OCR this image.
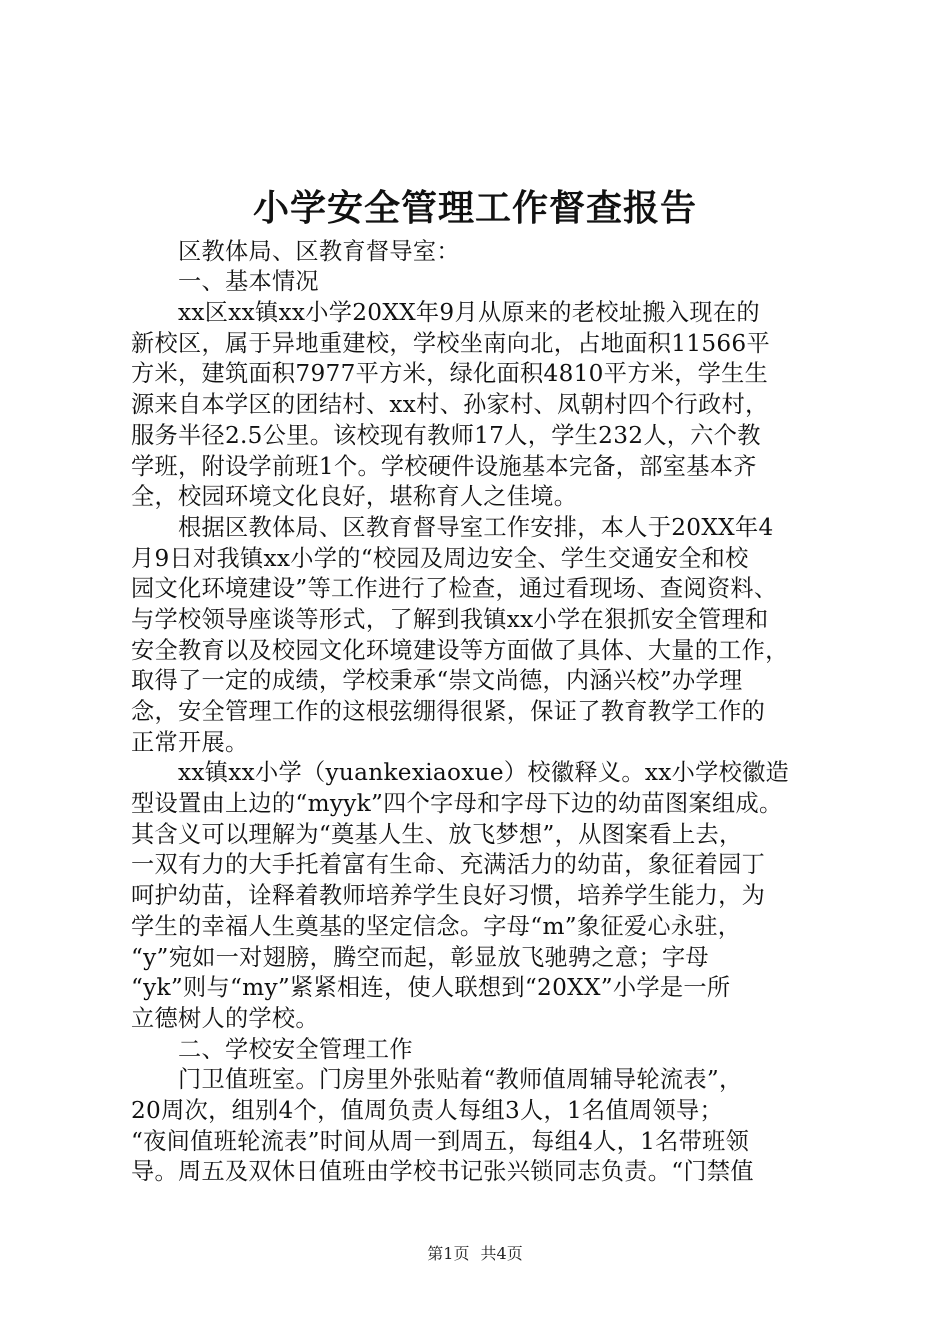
小学安全管理工作督查报告
区教体局、区教育督导室：
一、基本情况
xx区xx镇xx小学20XX年9月从原来的老校址搬入现在的
新校区，属于异地重建校，学校坐南向北，占地面积11566平
方米，建筑面积7977平方米，绿化面积4810平方米，学生生
源来自本学区的团结村、xx村、孙家村、凤朝村四个行政村，
服务半径2.5公里。该校现有教师17人，学生232人，六个教
学班，附设学前班1个。学校硬件设施基本完备，部室基本齐
全，校园环境文化良好，堪称育人之佳境。
根据区教体局、区教育督导室工作安排，本人于20XX年4
月9日对我镇xx小学的“校园及周边安全、学生交通安全和校
园文化环境建设”等工作进行了检查，通过看现场、查阅资料、
与学校领导座谈等形式，了解到我镇xx小学在狠抓安全管理和
安全教育以及校园文化环境建设等方面做了具体、大量的工作，
取得了一定的成绩，学校秉承“崇文尚德，内涵兴校”办学理
念，安全管理工作的这根弦绷得很紧，保证了教育教学工作的
正常开展。
xx镇xx小学（yuankexiaoxue）校徽释义。xx小学校徽造
型设置由上边的“myyk”四个字母和字母下边的幼苗图案组成。
其含义可以理解为“奠基人生、放飞梦想”，从图案看上去，
一双有力的大手托着富有生命、充满活力的幼苗，象征着园丁
呵护幼苗，诠释着教师培养学生良好习惯，培养学生能力，为
学生的幸福人生奠基的坚定信念。字母“m”象征爱心永驻，
“y”宛如一对翅膀，腾空而起，彰显放飞驰骋之意；字母
“yk”则与“my”紧紧相连，使人联想到“20XX”小学是一所
立德树人的学校。
二、学校安全管理工作
门卫值班室。门房里外张贴着“教师值周辅导轮流表”，
20周次，组别4个，值周负责人每组3人，1名值周领导；
“夜间值班轮流表”时间从周一到周五，每组4人，1名带班领
导。周五及双休日值班由学校书记张兴锁同志负责。“门禁值
第1页 共4页
